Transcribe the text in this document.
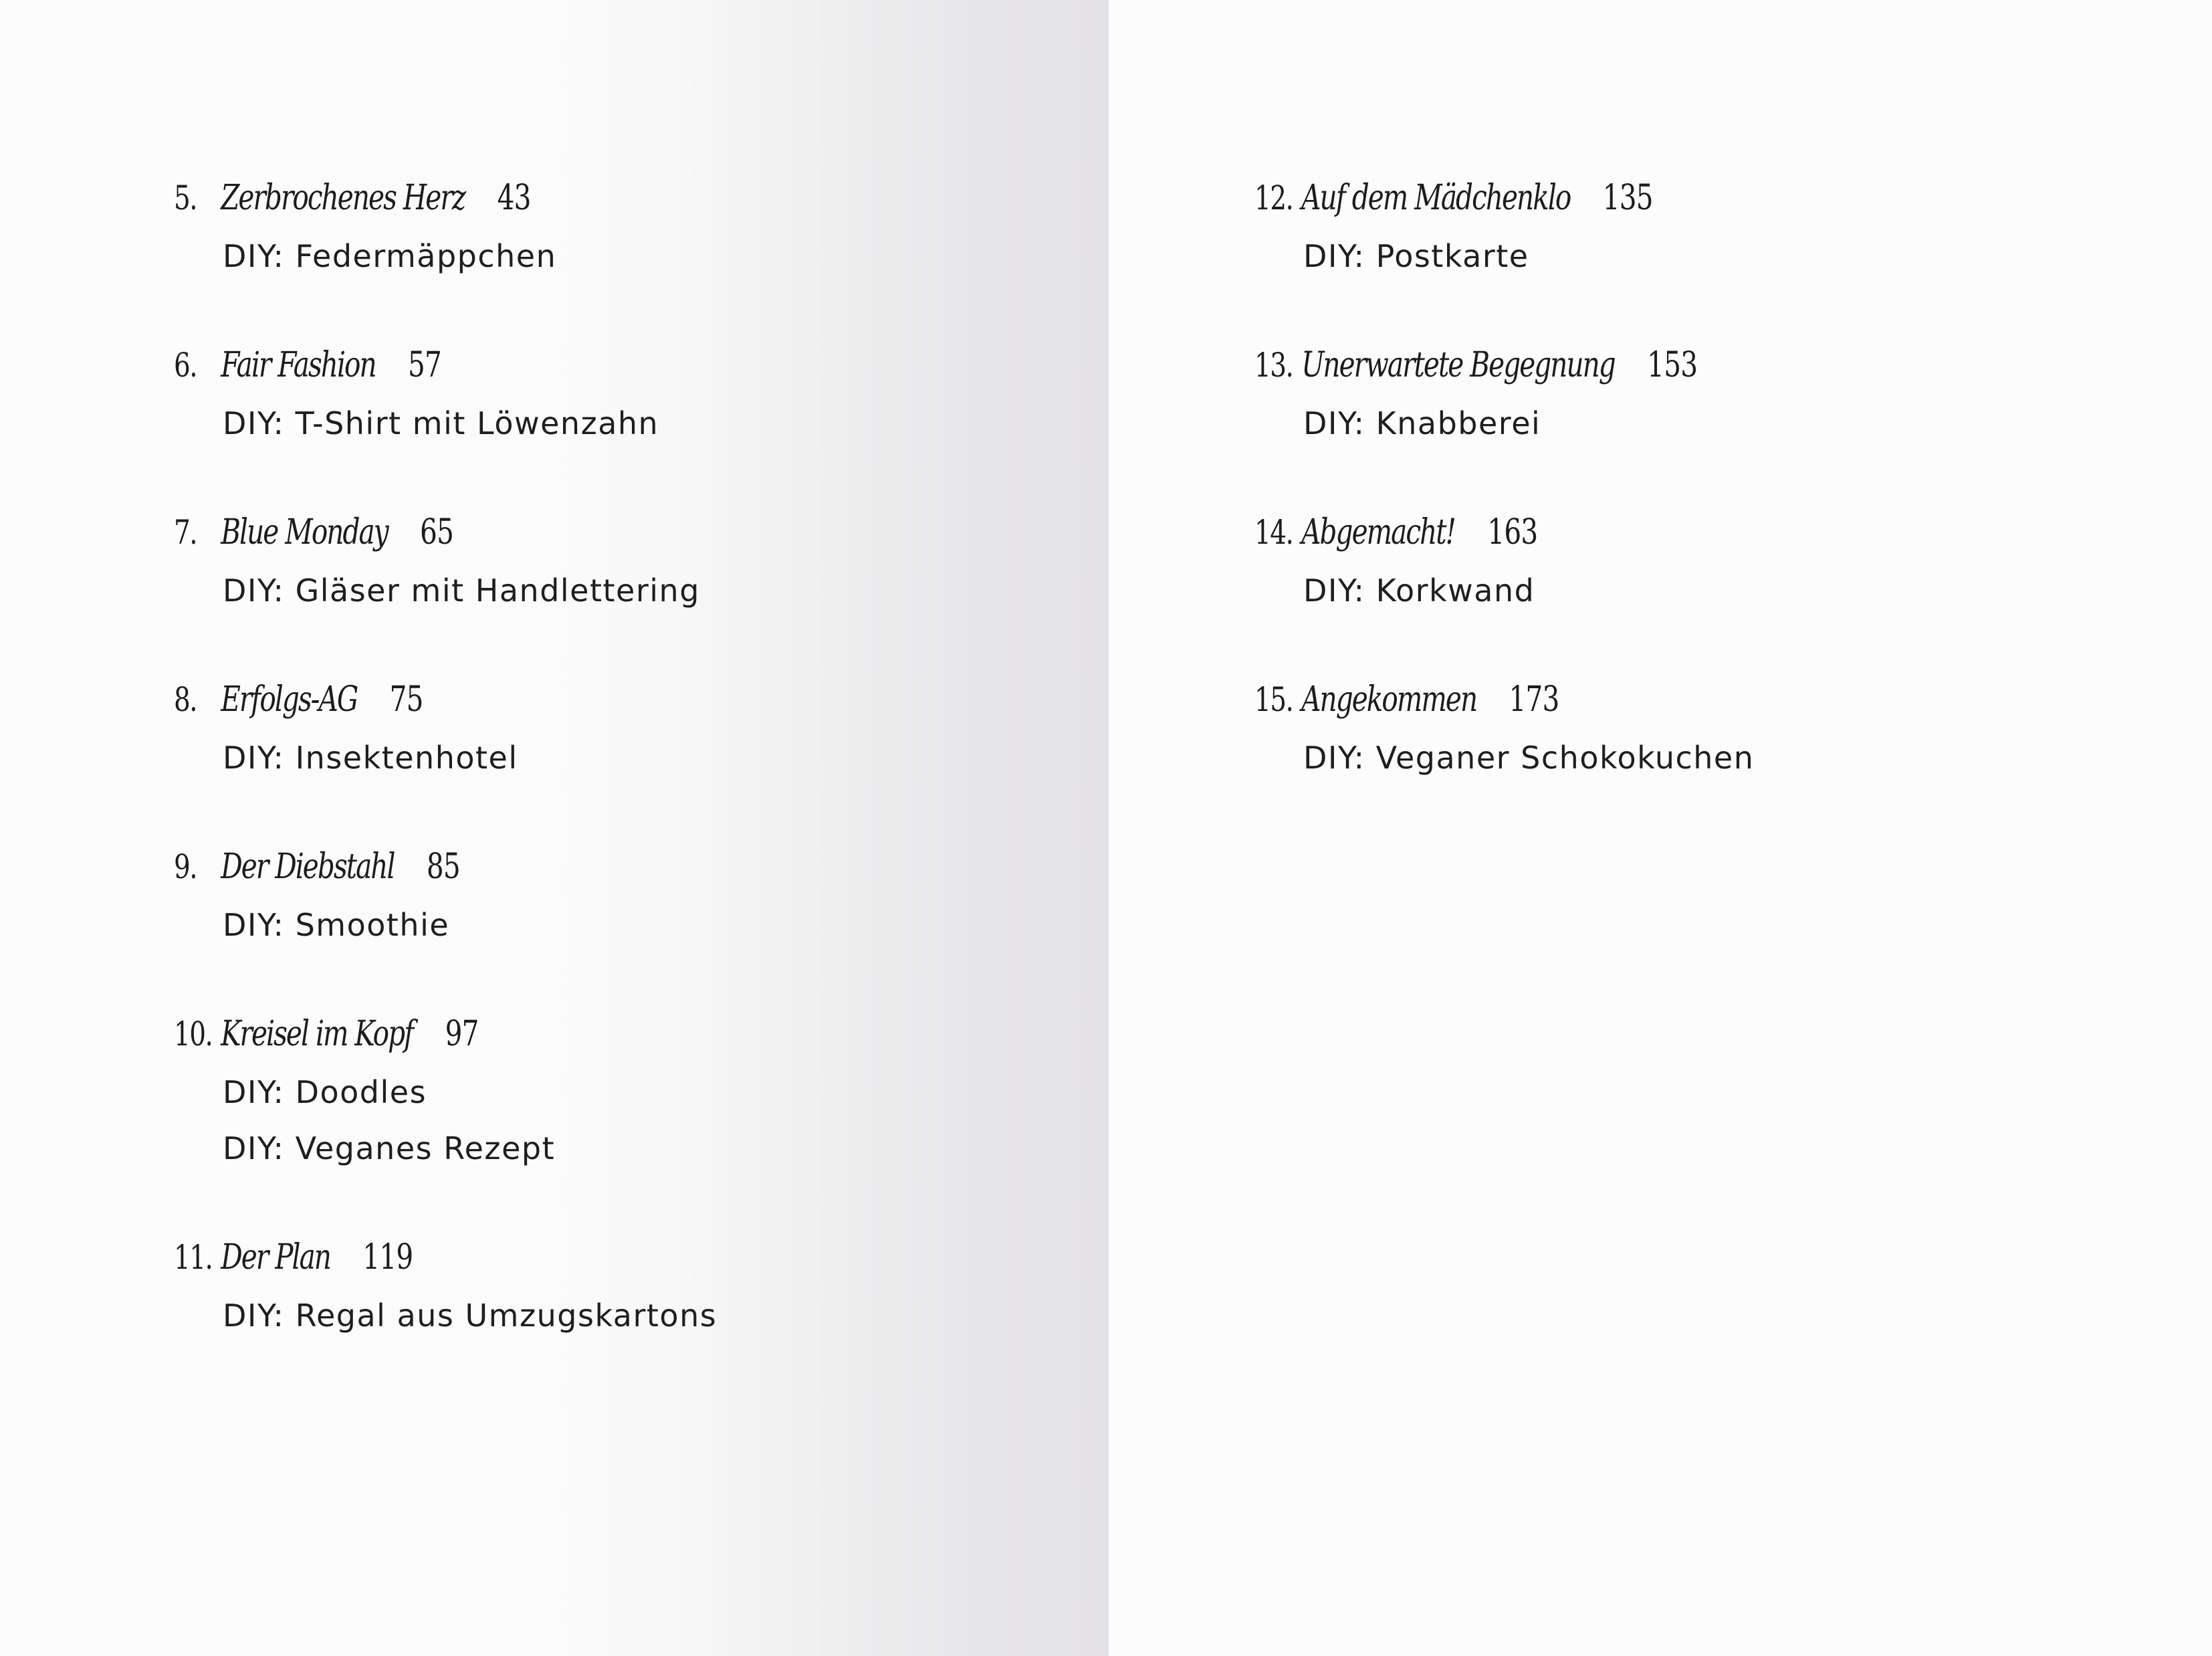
5. Zerbrochenes Herz 43
DIY: Federmäppchen
6. Fair Fashion 57
DIY: T-Shirt mit Löwenzahn
7. Blue Monday 65
DIY: Gläser mit Handlettering
8. Erfolgs-AG 75
DIY: Insektenhotel
9. Der Diebstahl 85
DIY: Smoothie
10. Kreisel im Kopf 97
DIY: Doodles
DIY: Veganes Rezept
11. Der Plan 119
DIY: Regal aus Umzugskartons
12. Auf dem Mädchenklo 135
DIY: Postkarte
13. Unerwartete Begegnung 153
DIY: Knabberei
14. Abgemacht! 163
DIY: Korkwand
15. Angekommen 173
DIY: Veganer Schokokuchen
